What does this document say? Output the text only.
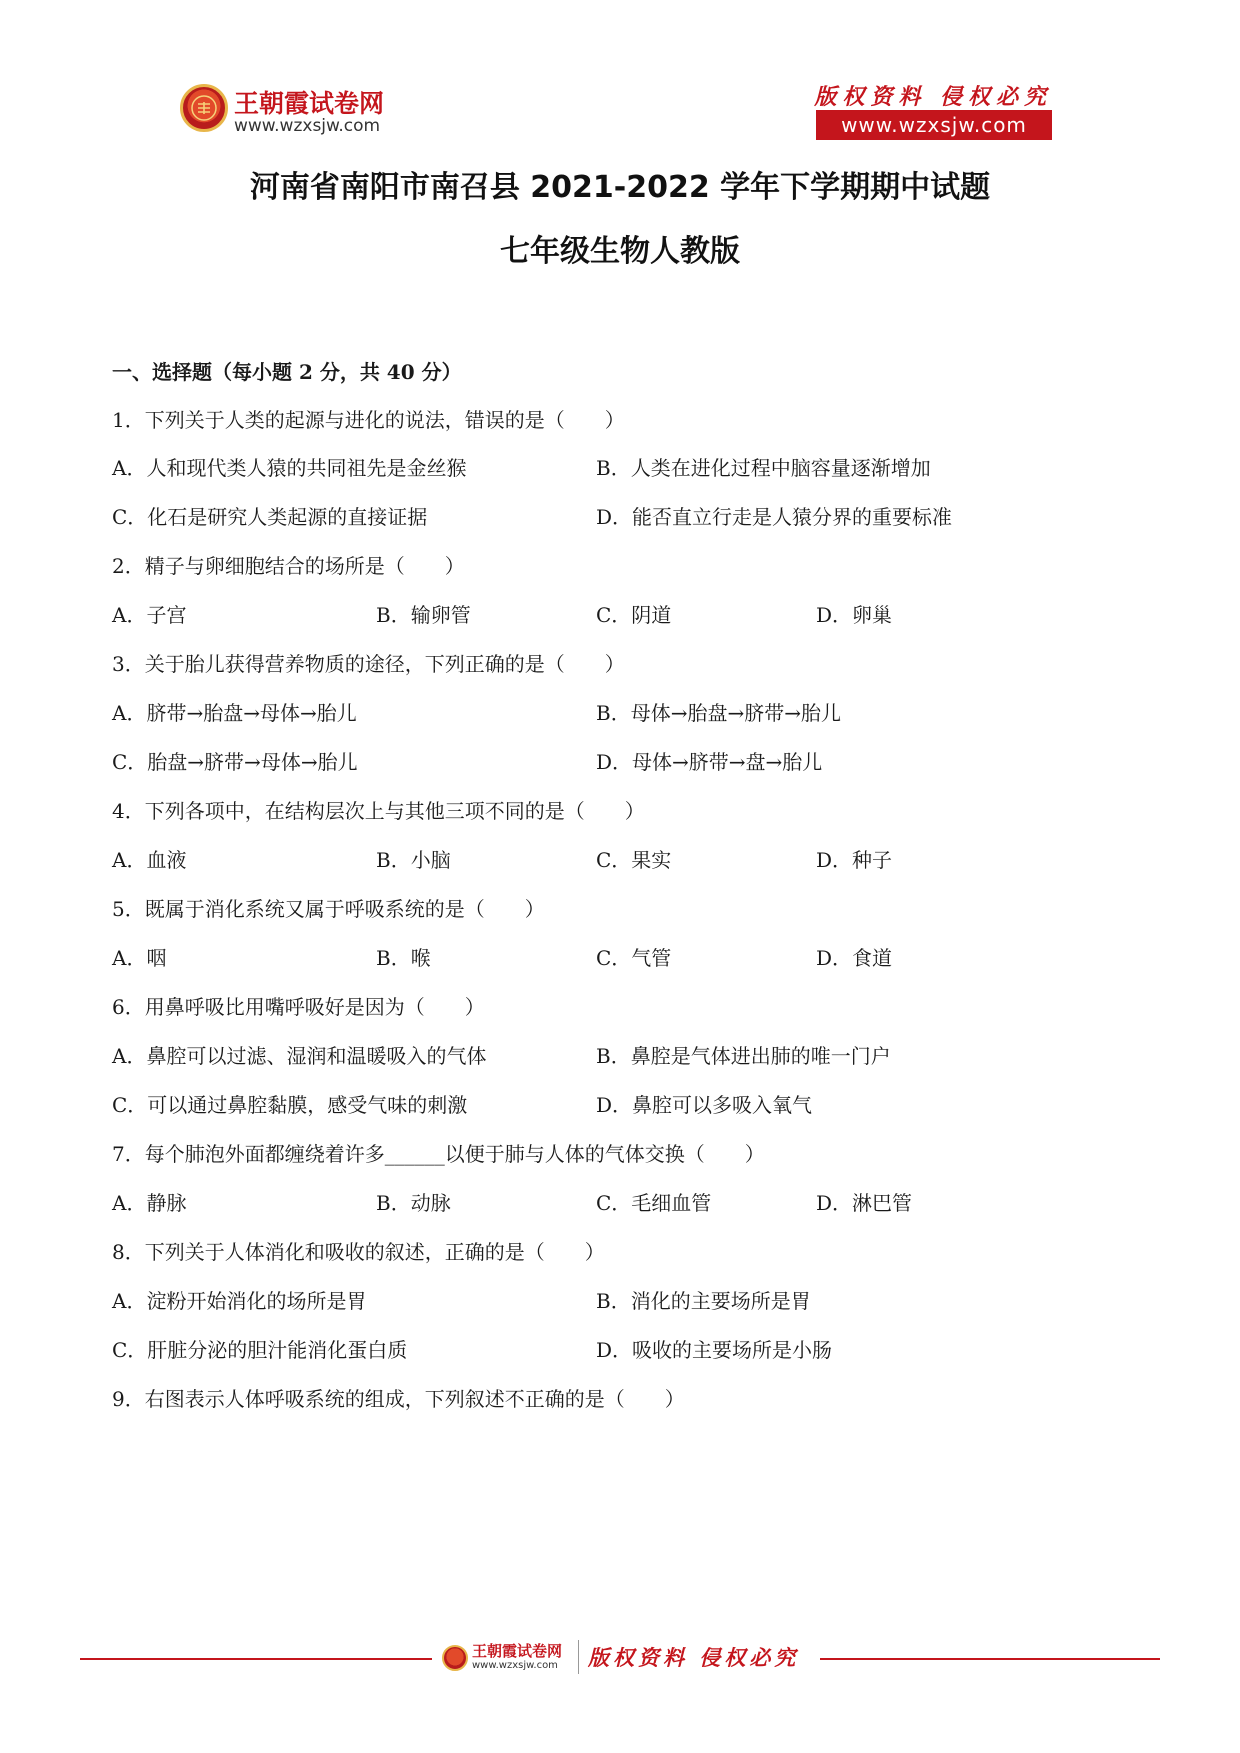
王朝霞试卷网
www.wzxsjw.com
版权资料 侵权必究
www.wzxsjw.com
河南省南阳市南召县 2021-2022 学年下学期期中试题
七年级生物人教版
一、选择题（每小题 2 分，共 40 分）
1．下列关于人类的起源与进化的说法，错误的是（　　）
A．人和现代类人猿的共同祖先是金丝猴	B．人类在进化过程中脑容量逐渐增加
C．化石是研究人类起源的直接证据	D．能否直立行走是人猿分界的重要标准
2．精子与卵细胞结合的场所是（　　）
A．子宫	B．输卵管	C．阴道	D．卵巢
3．关于胎儿获得营养物质的途径，下列正确的是（　　）
A．脐带→胎盘→母体→胎儿	B．母体→胎盘→脐带→胎儿
C．胎盘→脐带→母体→胎儿	D．母体→脐带→盘→胎儿
4．下列各项中，在结构层次上与其他三项不同的是（　　）
A．血液	B．小脑	C．果实	D．种子
5．既属于消化系统又属于呼吸系统的是（　　）
A．咽	B．喉	C．气管	D．食道
6．用鼻呼吸比用嘴呼吸好是因为（　　）
A．鼻腔可以过滤、湿润和温暖吸入的气体	B．鼻腔是气体进出肺的唯一门户
C．可以通过鼻腔黏膜，感受气味的刺激	D．鼻腔可以多吸入氧气
7．每个肺泡外面都缠绕着许多______以便于肺与人体的气体交换（　　）
A．静脉	B．动脉	C．毛细血管	D．淋巴管
8．下列关于人体消化和吸收的叙述，正确的是（　　）
A．淀粉开始消化的场所是胃	B．消化的主要场所是胃
C．肝脏分泌的胆汁能消化蛋白质	D．吸收的主要场所是小肠
9．右图表示人体呼吸系统的组成，下列叙述不正确的是（　　）
王朝霞试卷网
www.wzxsjw.com 版权资料 侵权必究
